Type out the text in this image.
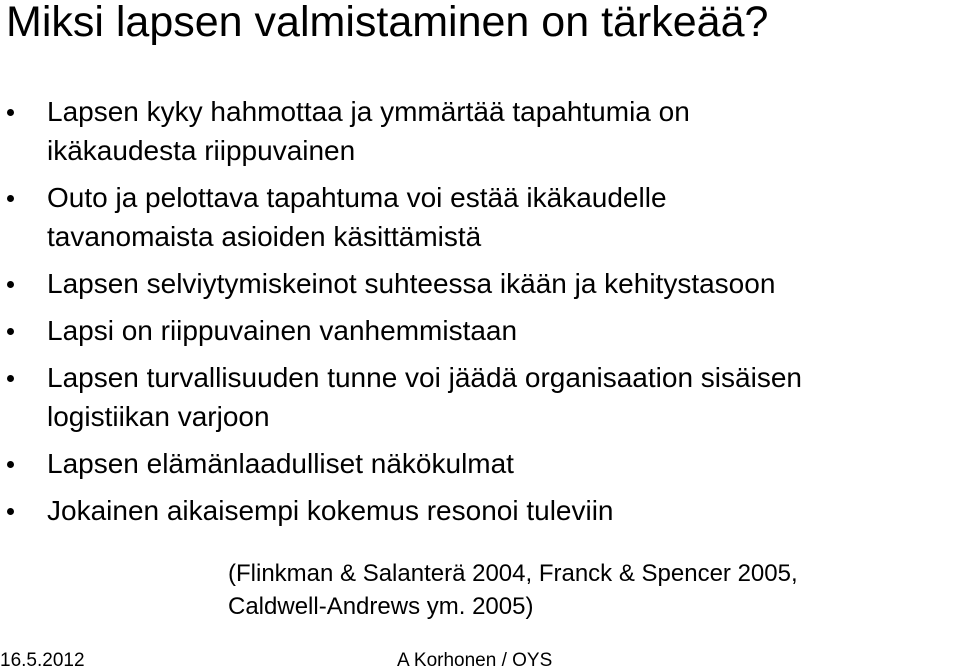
Miksi lapsen valmistaminen on tärkeää?
Lapsen kyky hahmottaa ja ymmärtää tapahtumia on
ikäkaudesta riippuvainen
Outo ja pelottava tapahtuma voi estää ikäkaudelle
tavanomaista asioiden käsittämistä
Lapsen selviytymiskeinot suhteessa ikään ja kehitystasoon
Lapsi on riippuvainen vanhemmistaan
Lapsen turvallisuuden tunne voi jäädä organisaation sisäisen
logistiikan varjoon
Lapsen elämänlaadulliset näkökulmat
Jokainen aikaisempi kokemus resonoi tuleviin
(Flinkman & Salanterä 2004, Franck & Spencer 2005,
Caldwell-Andrews ym. 2005)
16.5.2012	A Korhonen / OYS
